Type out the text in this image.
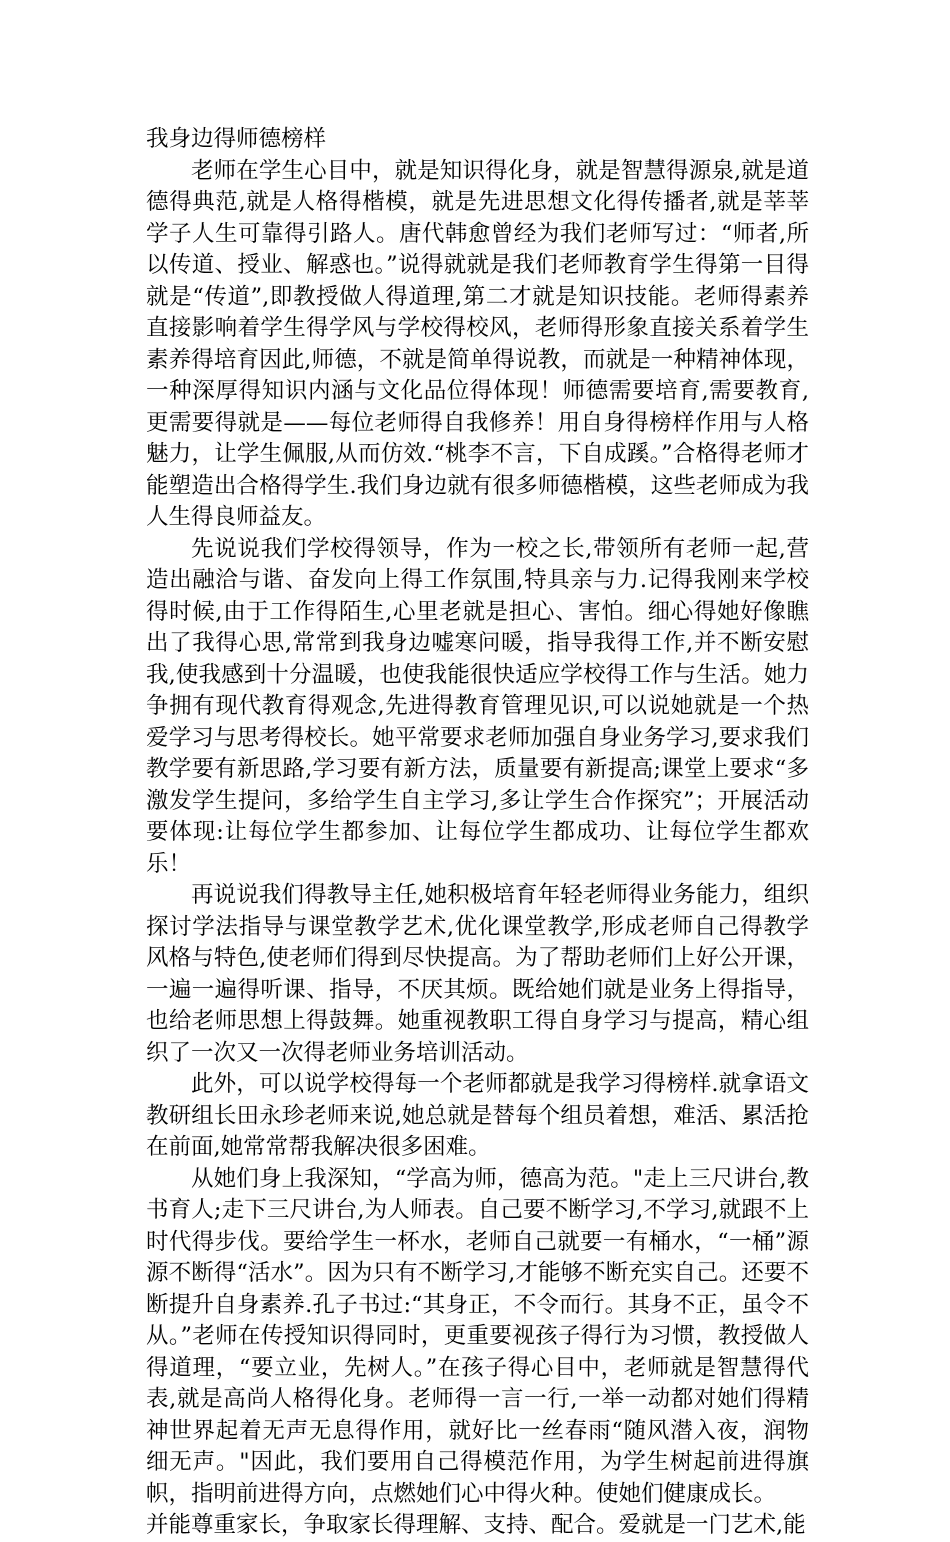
我身边得师德榜样

老师在学生心目中，就是知识得化身，就是智慧得源泉,就是道德得典范,就是人格得楷模，就是先进思想文化得传播者,就是莘莘学子人生可靠得引路人。唐代韩愈曾经为我们老师写过：“师者,所以传道、授业、解惑也。”说得就就是我们老师教育学生得第一目得就是“传道”,即教授做人得道理,第二才就是知识技能。老师得素养直接影响着学生得学风与学校得校风，老师得形象直接关系着学生素养得培育因此,师德，不就是简单得说教，而就是一种精神体现，一种深厚得知识内涵与文化品位得体现！师德需要培育,需要教育,更需要得就是——每位老师得自我修养！用自身得榜样作用与人格魅力，让学生佩服,从而仿效.“桃李不言，下自成蹊。”合格得老师才能塑造出合格得学生.我们身边就有很多师德楷模，这些老师成为我人生得良师益友。

先说说我们学校得领导，作为一校之长,带领所有老师一起,营造出融洽与谐、奋发向上得工作氛围,特具亲与力.记得我刚来学校得时候,由于工作得陌生,心里老就是担心、害怕。细心得她好像瞧出了我得心思,常常到我身边嘘寒问暖，指导我得工作,并不断安慰我,使我感到十分温暖，也使我能很快适应学校得工作与生活。她力争拥有现代教育得观念,先进得教育管理见识,可以说她就是一个热爱学习与思考得校长。她平常要求老师加强自身业务学习,要求我们教学要有新思路,学习要有新方法，质量要有新提高;课堂上要求“多激发学生提问，多给学生自主学习,多让学生合作探究”；开展活动要体现:让每位学生都参加、让每位学生都成功、让每位学生都欢乐！

再说说我们得教导主任,她积极培育年轻老师得业务能力，组织探讨学法指导与课堂教学艺术,优化课堂教学,形成老师自己得教学风格与特色,使老师们得到尽快提高。为了帮助老师们上好公开课，一遍一遍得听课、指导，不厌其烦。既给她们就是业务上得指导，也给老师思想上得鼓舞。她重视教职工得自身学习与提高，精心组织了一次又一次得老师业务培训活动。

此外，可以说学校得每一个老师都就是我学习得榜样.就拿语文教研组长田永珍老师来说,她总就是替每个组员着想，难活、累活抢在前面,她常常帮我解决很多困难。

从她们身上我深知，“学高为师，德高为范。"走上三尺讲台,教书育人;走下三尺讲台,为人师表。自己要不断学习,不学习,就跟不上时代得步伐。要给学生一杯水，老师自己就要一有桶水，“一桶”源源不断得“活水”。因为只有不断学习,才能够不断充实自己。还要不断提升自身素养.孔子书过:“其身正，不令而行。其身不正，虽令不从。”老师在传授知识得同时，更重要视孩子得行为习惯，教授做人得道理，“要立业，先树人。”在孩子得心目中，老师就是智慧得代表,就是高尚人格得化身。老师得一言一行,一举一动都对她们得精神世界起着无声无息得作用，就好比一丝春雨“随风潜入夜，润物细无声。"因此，我们要用自己得模范作用，为学生树起前进得旗帜，指明前进得方向，点燃她们心中得火种。使她们健康成长。

并能尊重家长，争取家长得理解、支持、配合。爱就是一门艺术,能
